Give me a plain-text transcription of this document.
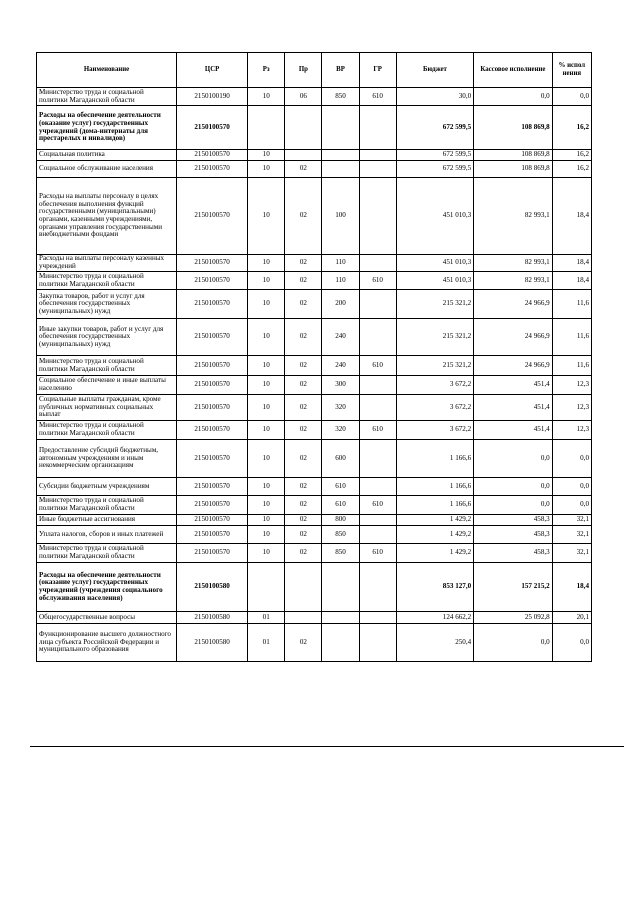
Наименование	ЦСР	Рз	Пр	ВР	ГР	Бюджет	Кассовое исполнение	% испол нения
Министерство труда и социальной политики Магаданской области	2150100190	10	06	850	610	30,0	0,0	0,0
Расходы на обеспечение деятельности (оказание услуг) государственных учреждений (дома-интернаты для престарелых и инвалидов)	2150100570					672 599,5	108 869,8	16,2
Социальная политика	2150100570	10				672 599,5	108 869,8	16,2
Социальное обслуживание населения	2150100570	10	02			672 599,5	108 869,8	16,2
Расходы на выплаты персоналу в целях обеспечения выполнения функций государственными (муниципальными) органами, казенными учреждениями, органами управления государственными внебюджетными фондами	2150100570	10	02	100		451 010,3	82 993,1	18,4
Расходы на выплаты персоналу казенных учреждений	2150100570	10	02	110		451 010,3	82 993,1	18,4
Министерство труда и социальной политики Магаданской области	2150100570	10	02	110	610	451 010,3	82 993,1	18,4
Закупка товаров, работ и услуг для обеспечения государственных (муниципальных) нужд	2150100570	10	02	200		215 321,2	24 966,9	11,6
Иные закупки товаров, работ и услуг для обеспечения государственных (муниципальных) нужд	2150100570	10	02	240		215 321,2	24 966,9	11,6
Министерство труда и социальной политики Магаданской области	2150100570	10	02	240	610	215 321,2	24 966,9	11,6
Социальное обеспечение и иные выплаты населению	2150100570	10	02	300		3 672,2	451,4	12,3
Социальные выплаты гражданам, кроме публичных нормативных социальных выплат	2150100570	10	02	320		3 672,2	451,4	12,3
Министерство труда и социальной политики Магаданской области	2150100570	10	02	320	610	3 672,2	451,4	12,3
Предоставление субсидий бюджетным, автономным учреждениям и иным некоммерческим организациям	2150100570	10	02	600		1 166,6	0,0	0,0
Субсидии бюджетным учреждениям	2150100570	10	02	610		1 166,6	0,0	0,0
Министерство труда и социальной политики Магаданской области	2150100570	10	02	610	610	1 166,6	0,0	0,0
Иные бюджетные ассигнования	2150100570	10	02	800		1 429,2	458,3	32,1
Уплата налогов, сборов и иных платежей	2150100570	10	02	850		1 429,2	458,3	32,1
Министерство труда и социальной политики Магаданской области	2150100570	10	02	850	610	1 429,2	458,3	32,1
Расходы на обеспечение деятельности (оказание услуг) государственных учреждений (учреждения социального обслуживания населения)	2150100580					853 127,0	157 215,2	18,4
Общегосударственные вопросы	2150100580	01				124 662,2	25 092,8	20,1
Функционирование высшего должностного лица субъекта Российской Федерации и муниципального образования	2150100580	01	02			250,4	0,0	0,0
